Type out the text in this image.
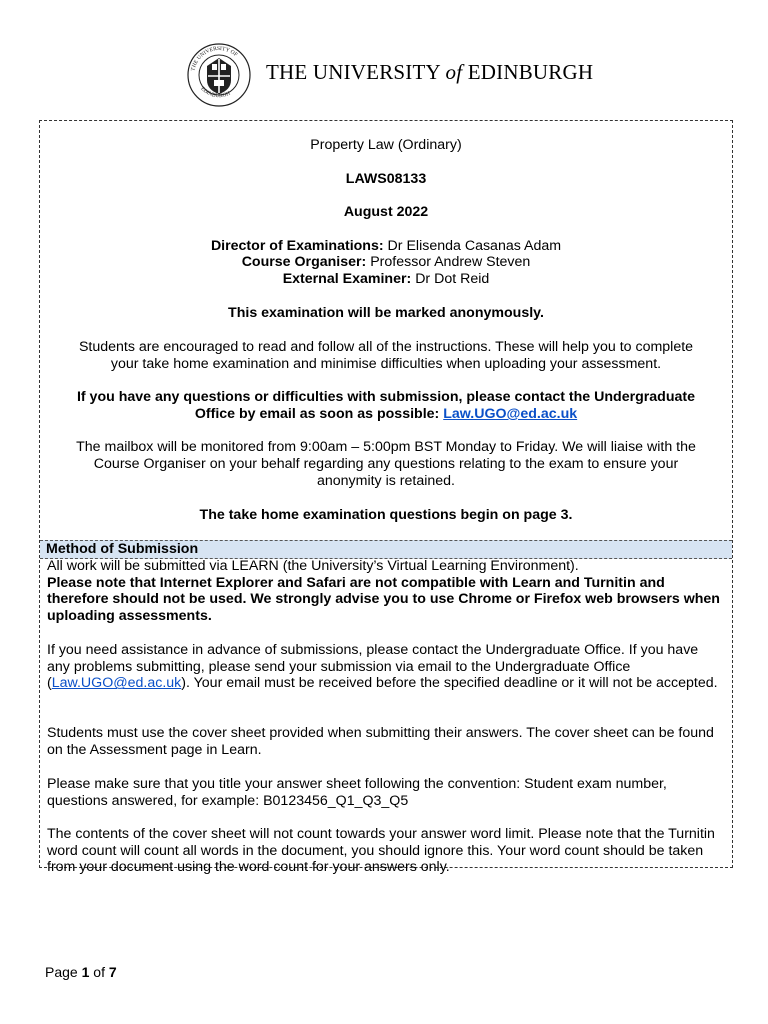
THE UNIVERSITY OF
EDINBURGH
THE UNIVERSITY of EDINBURGH
Property Law (Ordinary)
LAWS08133
August 2022
Director of Examinations: Dr Elisenda Casanas Adam
Course Organiser: Professor Andrew Steven
External Examiner: Dr Dot Reid
This examination will be marked anonymously.
Students are encouraged to read and follow all of the instructions. These will help you to complete
your take home examination and minimise difficulties when uploading your assessment.
If you have any questions or difficulties with submission, please contact the Undergraduate
Office by email as soon as possible: Law.UGO@ed.ac.uk
The mailbox will be monitored from 9:00am – 5:00pm BST Monday to Friday. We will liaise with the
Course Organiser on your behalf regarding any questions relating to the exam to ensure your
anonymity is retained.
The take home examination questions begin on page 3.
Method of Submission
All work will be submitted via LEARN (the University’s Virtual Learning Environment).
Please note that Internet Explorer and Safari are not compatible with Learn and Turnitin and therefore should not be used. We strongly advise you to use Chrome or Firefox web browsers when uploading assessments.
If you need assistance in advance of submissions, please contact the Undergraduate Office. If you have any problems submitting, please send your submission via email to the Undergraduate Office (Law.UGO@ed.ac.uk). Your email must be received before the specified deadline or it will not be accepted.
Students must use the cover sheet provided when submitting their answers. The cover sheet can be found on the Assessment page in Learn.
Please make sure that you title your answer sheet following the convention: Student exam number, questions answered, for example: B0123456_Q1_Q3_Q5
The contents of the cover sheet will not count towards your answer word limit. Please note that the Turnitin word count will count all words in the document, you should ignore this. Your word count should be taken from your document using the word count for your answers only.
Page 1 of 7
